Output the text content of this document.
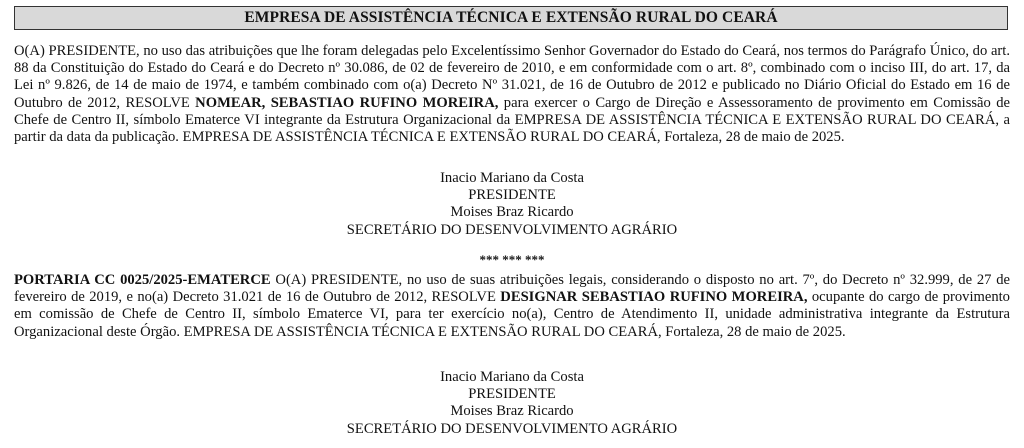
EMPRESA DE ASSISTÊNCIA TÉCNICA E EXTENSÃO RURAL DO CEARÁ

O(A) PRESIDENTE, no uso das atribuições que lhe foram delegadas pelo Excelentíssimo Senhor Governador do Estado do Ceará, nos termos do Parágrafo Único, do art. 88 da Constituição do Estado do Ceará e do Decreto nº 30.086, de 02 de fevereiro de 2010, e em conformidade com o art. 8º, combinado com o inciso III, do art. 17, da Lei nº 9.826, de 14 de maio de 1974, e também combinado com o(a) Decreto Nº 31.021, de 16 de Outubro de 2012 e publicado no Diário Oficial do Estado em 16 de Outubro de 2012, RESOLVE NOMEAR, SEBASTIAO RUFINO MOREIRA, para exercer o Cargo de Direção e Assessoramento de provimento em Comissão de Chefe de Centro II, símbolo Ematerce VI integrante da Estrutura Organizacional da EMPRESA DE ASSISTÊNCIA TÉCNICA E EXTENSÃO RURAL DO CEARÁ, a partir da data da publicação. EMPRESA DE ASSISTÊNCIA TÉCNICA E EXTENSÃO RURAL DO CEARÁ, Fortaleza, 28 de maio de 2025.

Inacio Mariano da Costa
PRESIDENTE
Moises Braz Ricardo
SECRETÁRIO DO DESENVOLVIMENTO AGRÁRIO
*** *** ***

PORTARIA CC 0025/2025-EMATERCE O(A) PRESIDENTE, no uso de suas atribuições legais, considerando o disposto no art. 7º, do Decreto nº 32.999, de 27 de fevereiro de 2019, e no(a) Decreto 31.021 de 16 de Outubro de 2012, RESOLVE DESIGNAR SEBASTIAO RUFINO MOREIRA, ocupante do cargo de provimento em comissão de Chefe de Centro II, símbolo Ematerce VI, para ter exercício no(a), Centro de Atendimento II, unidade administrativa integrante da Estrutura Organizacional deste Órgão. EMPRESA DE ASSISTÊNCIA TÉCNICA E EXTENSÃO RURAL DO CEARÁ, Fortaleza, 28 de maio de 2025.

Inacio Mariano da Costa
PRESIDENTE
Moises Braz Ricardo
SECRETÁRIO DO DESENVOLVIMENTO AGRÁRIO
